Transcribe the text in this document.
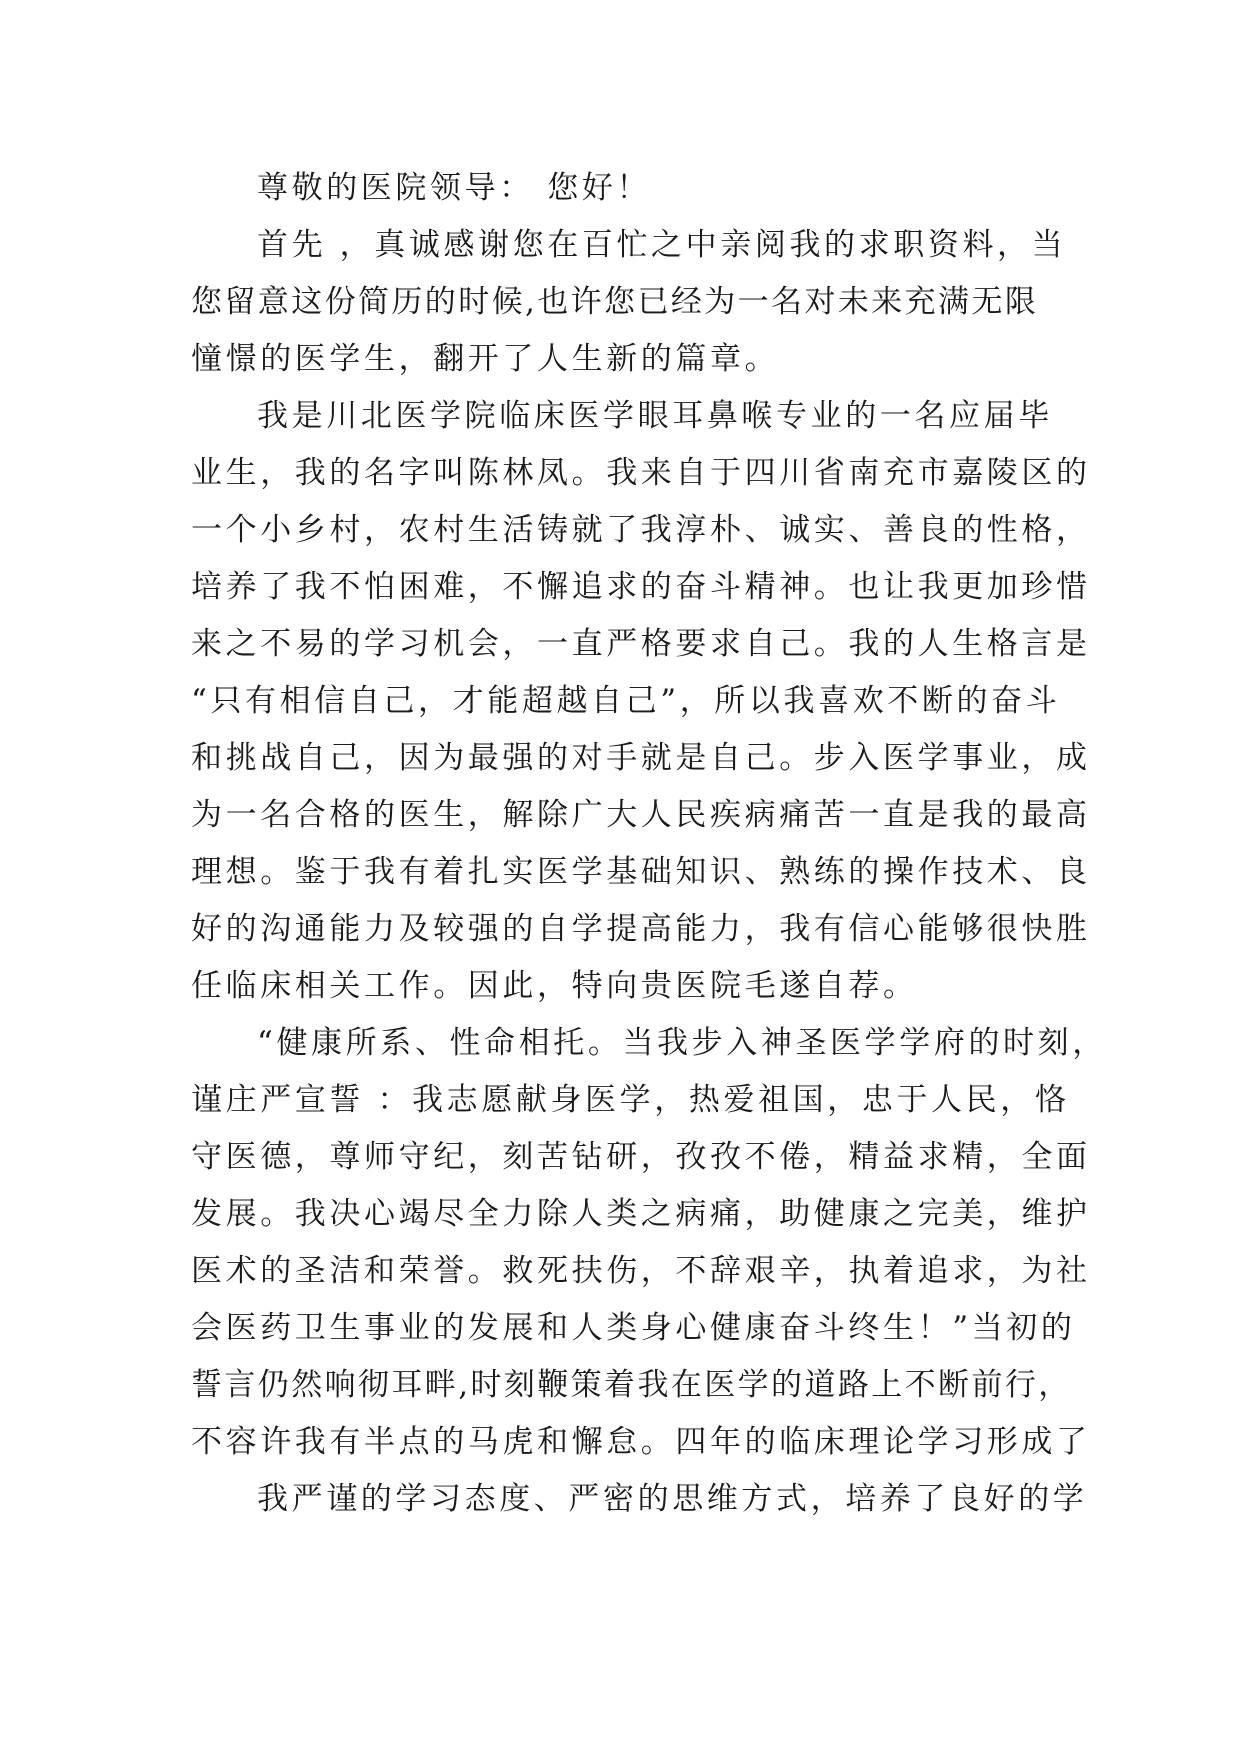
尊敬的医院领导： 您好！
首先 ，真诚感谢您在百忙之中亲阅我的求职资料，当
您留意这份简历的时候,也许您已经为一名对未来充满无限
憧憬的医学生，翻开了人生新的篇章。
我是川北医学院临床医学眼耳鼻喉专业的一名应届毕
业生，我的名字叫陈林凤。我来自于四川省南充市嘉陵区的
一个小乡村，农村生活铸就了我淳朴、诚实、善良的性格，
培养了我不怕困难，不懈追求的奋斗精神。也让我更加珍惜
来之不易的学习机会，一直严格要求自己。我的人生格言是
“只有相信自己，才能超越自己”，所以我喜欢不断的奋斗
和挑战自己，因为最强的对手就是自己。步入医学事业，成
为一名合格的医生，解除广大人民疾病痛苦一直是我的最高
理想。鉴于我有着扎实医学基础知识、熟练的操作技术、良
好的沟通能力及较强的自学提高能力，我有信心能够很快胜
任临床相关工作。因此，特向贵医院毛遂自荐。
“健康所系、性命相托。当我步入神圣医学学府的时刻，
谨庄严宣誓 ：我志愿献身医学，热爱祖国，忠于人民，恪
守医德，尊师守纪，刻苦钻研，孜孜不倦，精益求精，全面
发展。我决心竭尽全力除人类之病痛，助健康之完美，维护
医术的圣洁和荣誉。救死扶伤，不辞艰辛，执着追求，为社
会医药卫生事业的发展和人类身心健康奋斗终生！”当初的
誓言仍然响彻耳畔,时刻鞭策着我在医学的道路上不断前行，
不容许我有半点的马虎和懈怠。四年的临床理论学习形成了
我严谨的学习态度、严密的思维方式，培养了良好的学
